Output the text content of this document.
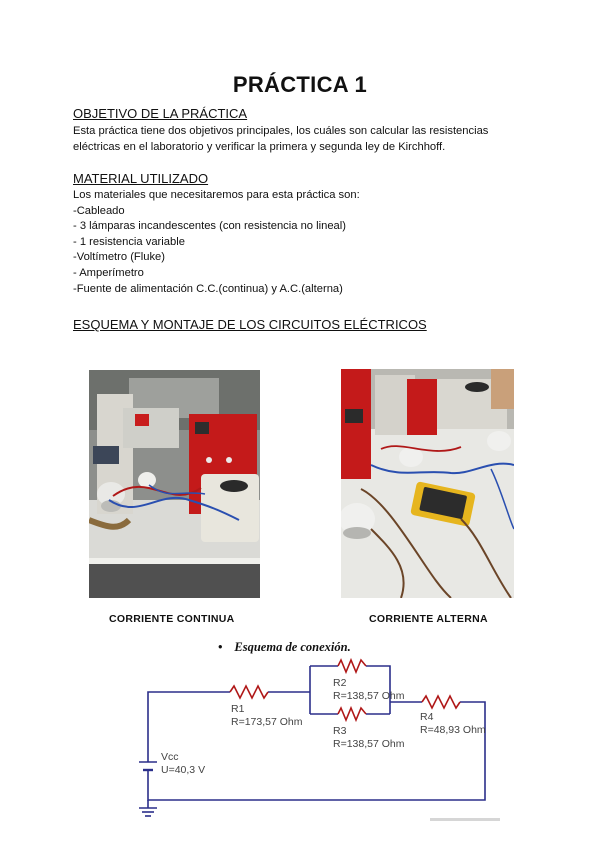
PRÁCTICA 1
OBJETIVO DE LA PRÁCTICA
Esta práctica tiene dos objetivos principales, los cuáles son calcular las resistencias
eléctricas en el laboratorio y verificar la primera y segunda ley de Kirchhoff.
MATERIAL UTILIZADO
Los materiales que necesitaremos para esta práctica son:
-Cableado
- 3 lámparas incandescentes (con resistencia no lineal)
- 1 resistencia variable
-Voltímetro (Fluke)
- Amperímetro
-Fuente de alimentación C.C.(continua) y A.C.(alterna)
ESQUEMA Y MONTAJE DE LOS CIRCUITOS ELÉCTRICOS
CORRIENTE CONTINUA	CORRIENTE ALTERNA
• Esquema de conexión.
R1
R=173,57 Ohm
R2
R=138,57 Ohm
R3
R=138,57 Ohm
R4
R=48,93 Ohm
Vcc
U=40,3 V
